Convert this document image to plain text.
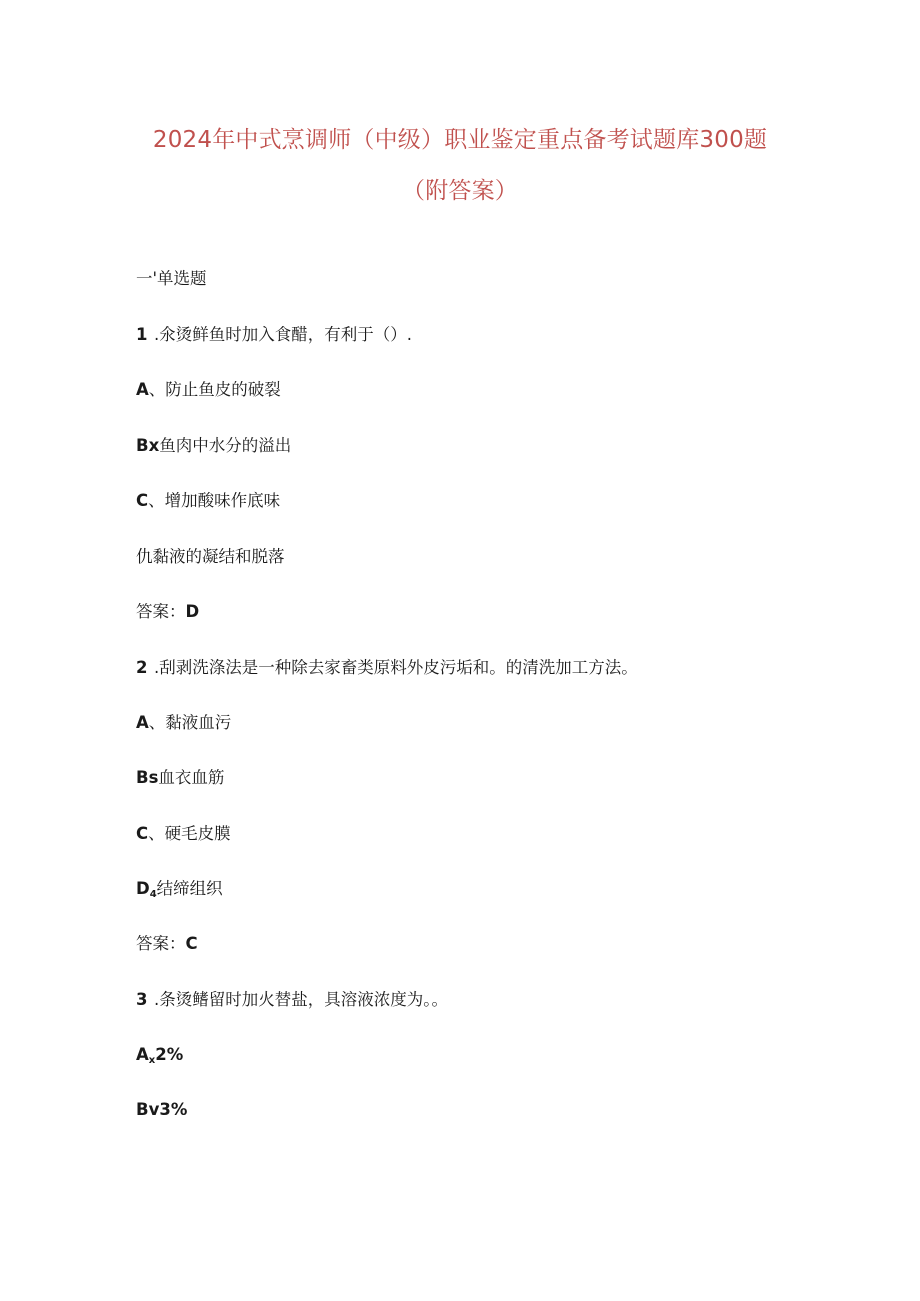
2024年中式烹调师（中级）职业鉴定重点备考试题库300题
（附答案）
一'单选题
1 .氽烫鲜鱼时加入食醋，有利于（）.
A、防止鱼皮的破裂
Bx鱼肉中水分的溢出
C、增加酸味作底味
仇黏液的凝结和脱落
答案：D
2 .刮剥洗涤法是一种除去家畜类原料外皮污垢和。的清洗加工方法。
A、黏液血污
Bs血衣血筋
C、硬毛皮膜
$D_4$结缔组织
答案：C
3 .条烫鳍留时加火替盐，具溶液浓度为。。
$A_x2\%$
Bv3%
